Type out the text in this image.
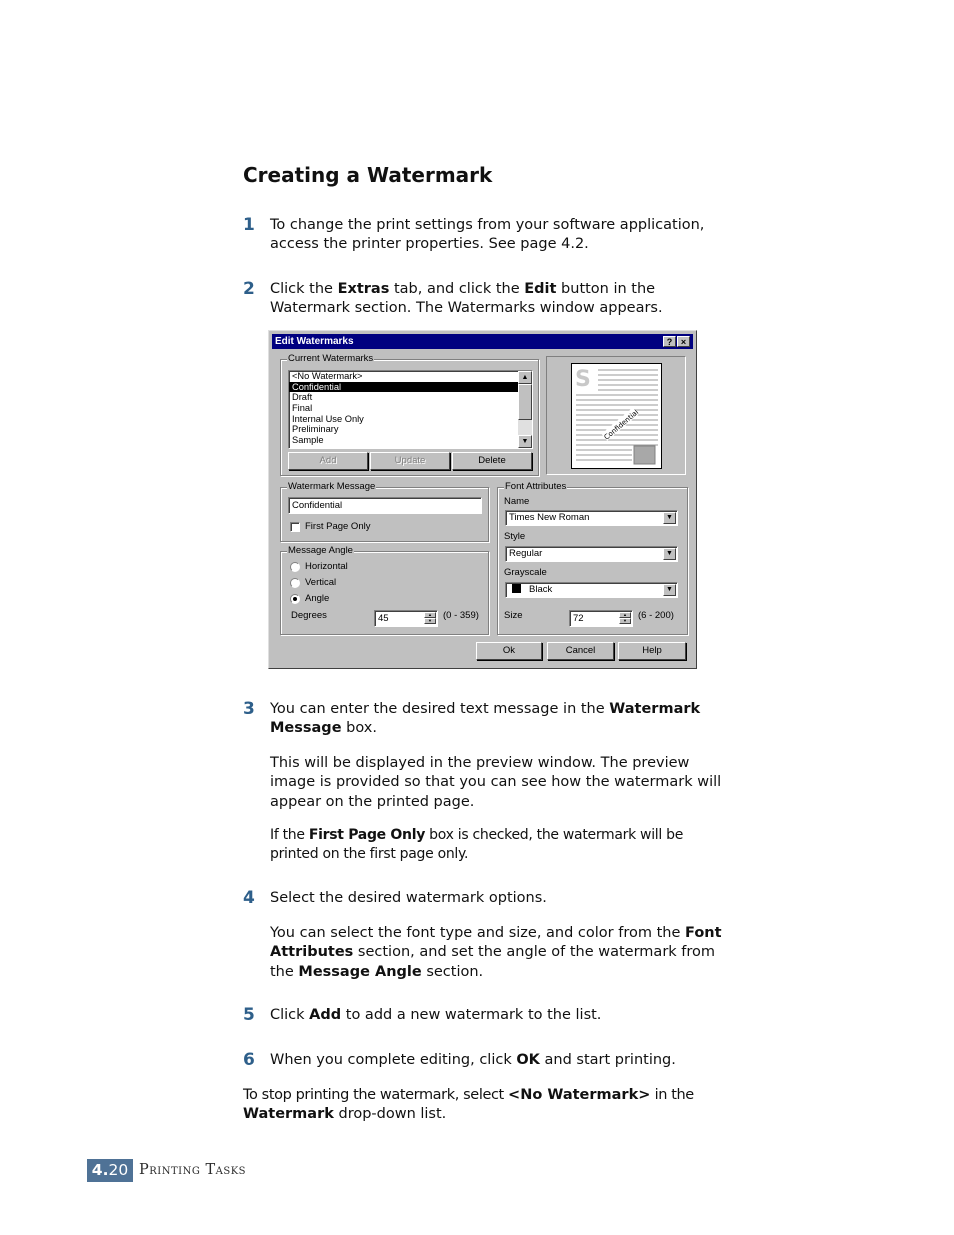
Creating a Watermark
1 To change the print settings from your software application, access the printer properties. See page 4.2.

2 Click the Extras tab, and click the Edit button in the Watermark section. The Watermarks window appears.

Edit Watermarks	? ×
Current Watermarks
<No Watermark>
Confidential
Draft
Final
Internal Use Only
Preliminary
Sample
▲
▼
Add	Update	Delete
Watermark Message
Confidential
First Page Only
Message Angle
Horizontal
Vertical
Angle
Degrees	45	▲
▼	(0 - 359)
Font Attributes
Name
Times New Roman	▼
Style
Regular	▼
Grayscale
Black	▼
Size	72	▲
▼	(6 - 200)
Ok	Cancel	Help
S
Confidential
3 You can enter the desired text message in the Watermark Message box.

This will be displayed in the preview window. The preview image is provided so that you can see how the watermark will appear on the printed page.

If the First Page Only box is checked, the watermark will be printed on the first page only.

4 Select the desired watermark options.

You can select the font type and size, and color from the Font Attributes section, and set the angle of the watermark from the Message Angle section.

5 Click Add to add a new watermark to the list.

6 When you complete editing, click OK and start printing.

To stop printing the watermark, select <No Watermark> in the Watermark drop-down list.

4.20 Printing Tasks
